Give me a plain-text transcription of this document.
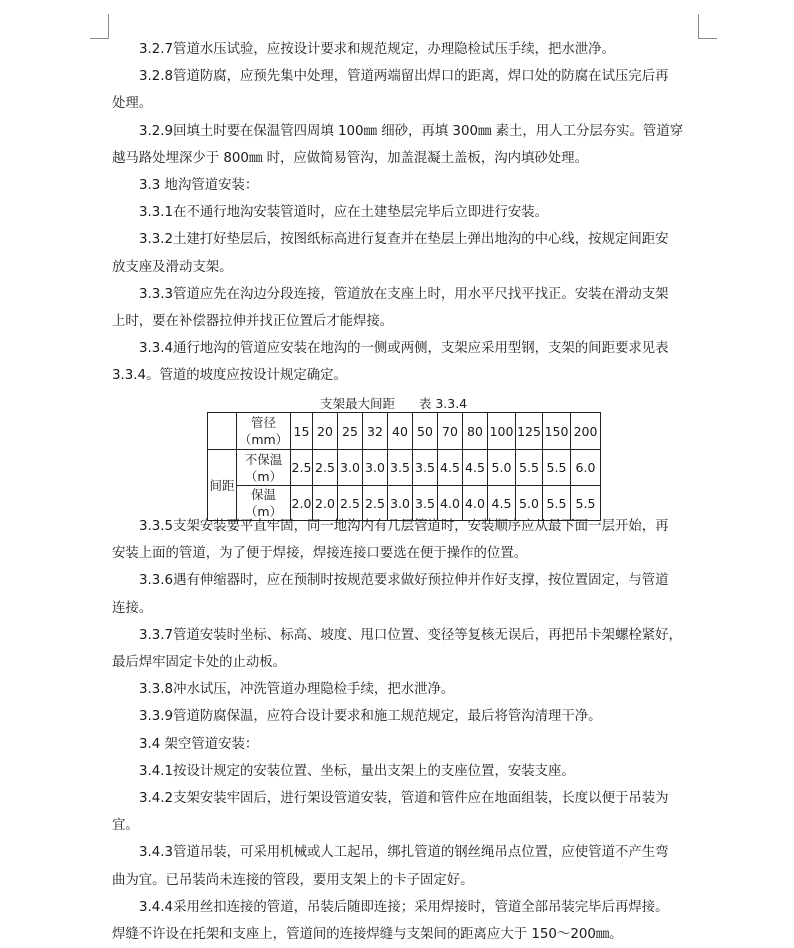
3.2.7管道水压试验，应按设计要求和规范规定，办理隐检试压手续，把水泄净。

3.2.8管道防腐，应预先集中处理，管道两端留出焊口的距离，焊口处的防腐在试压完后再

处理。

3.2.9回填土时要在保温管四周填 100㎜ 细砂，再填 300㎜ 素土，用人工分层夯实。管道穿

越马路处埋深少于 800㎜ 时，应做简易管沟，加盖混凝土盖板，沟内填砂处理。

3.3 地沟管道安装：

3.3.1在不通行地沟安装管道时，应在土建垫层完毕后立即进行安装。

3.3.2土建打好垫层后，按图纸标高进行复查并在垫层上弹出地沟的中心线，按规定间距安

放支座及滑动支架。

3.3.3管道应先在沟边分段连接，管道放在支座上时，用水平尺找平找正。安装在滑动支架

上时，要在补偿器拉伸并找正位置后才能焊接。

3.3.4通行地沟的管道应安装在地沟的一侧或两侧，支架应采用型钢，支架的间距要求见表

3.3.4。管道的坡度应按设计规定确定。

支架最大间距 表 3.3.4
	管径（mm）	15	20	25	32	40	50	70	80	100	125	150	200
间距	不保温（m）	2.5	2.5	3.0	3.0	3.5	3.5	4.5	4.5	5.0	5.5	5.5	6.0
	保温（m）	2.0	2.0	2.5	2.5	3.0	3.5	4.0	4.0	4.5	5.0	5.5	5.5

3.3.5支架安装要平直牢固，同一地沟内有几层管道时，安装顺序应从最下面一层开始，再

安装上面的管道，为了便于焊接，焊接连接口要选在便于操作的位置。

3.3.6遇有伸缩器时，应在预制时按规范要求做好预拉伸并作好支撑，按位置固定，与管道

连接。

3.3.7管道安装时坐标、标高、坡度、甩口位置、变径等复核无误后，再把吊卡架螺栓紧好，

最后焊牢固定卡处的止动板。

3.3.8冲水试压，冲洗管道办理隐检手续，把水泄净。

3.3.9管道防腐保温，应符合设计要求和施工规范规定，最后将管沟清理干净。

3.4 架空管道安装：

3.4.1按设计规定的安装位置、坐标，量出支架上的支座位置，安装支座。

3.4.2支架安装牢固后，进行架设管道安装，管道和管件应在地面组装，长度以便于吊装为

宜。

3.4.3管道吊装，可采用机械或人工起吊，绑扎管道的钢丝绳吊点位置，应使管道不产生弯

曲为宜。已吊装尚未连接的管段，要用支架上的卡子固定好。

3.4.4采用丝扣连接的管道，吊装后随即连接；采用焊接时，管道全部吊装完毕后再焊接。

焊缝不许设在托架和支座上，管道间的连接焊缝与支架间的距离应大于 150～200㎜。
